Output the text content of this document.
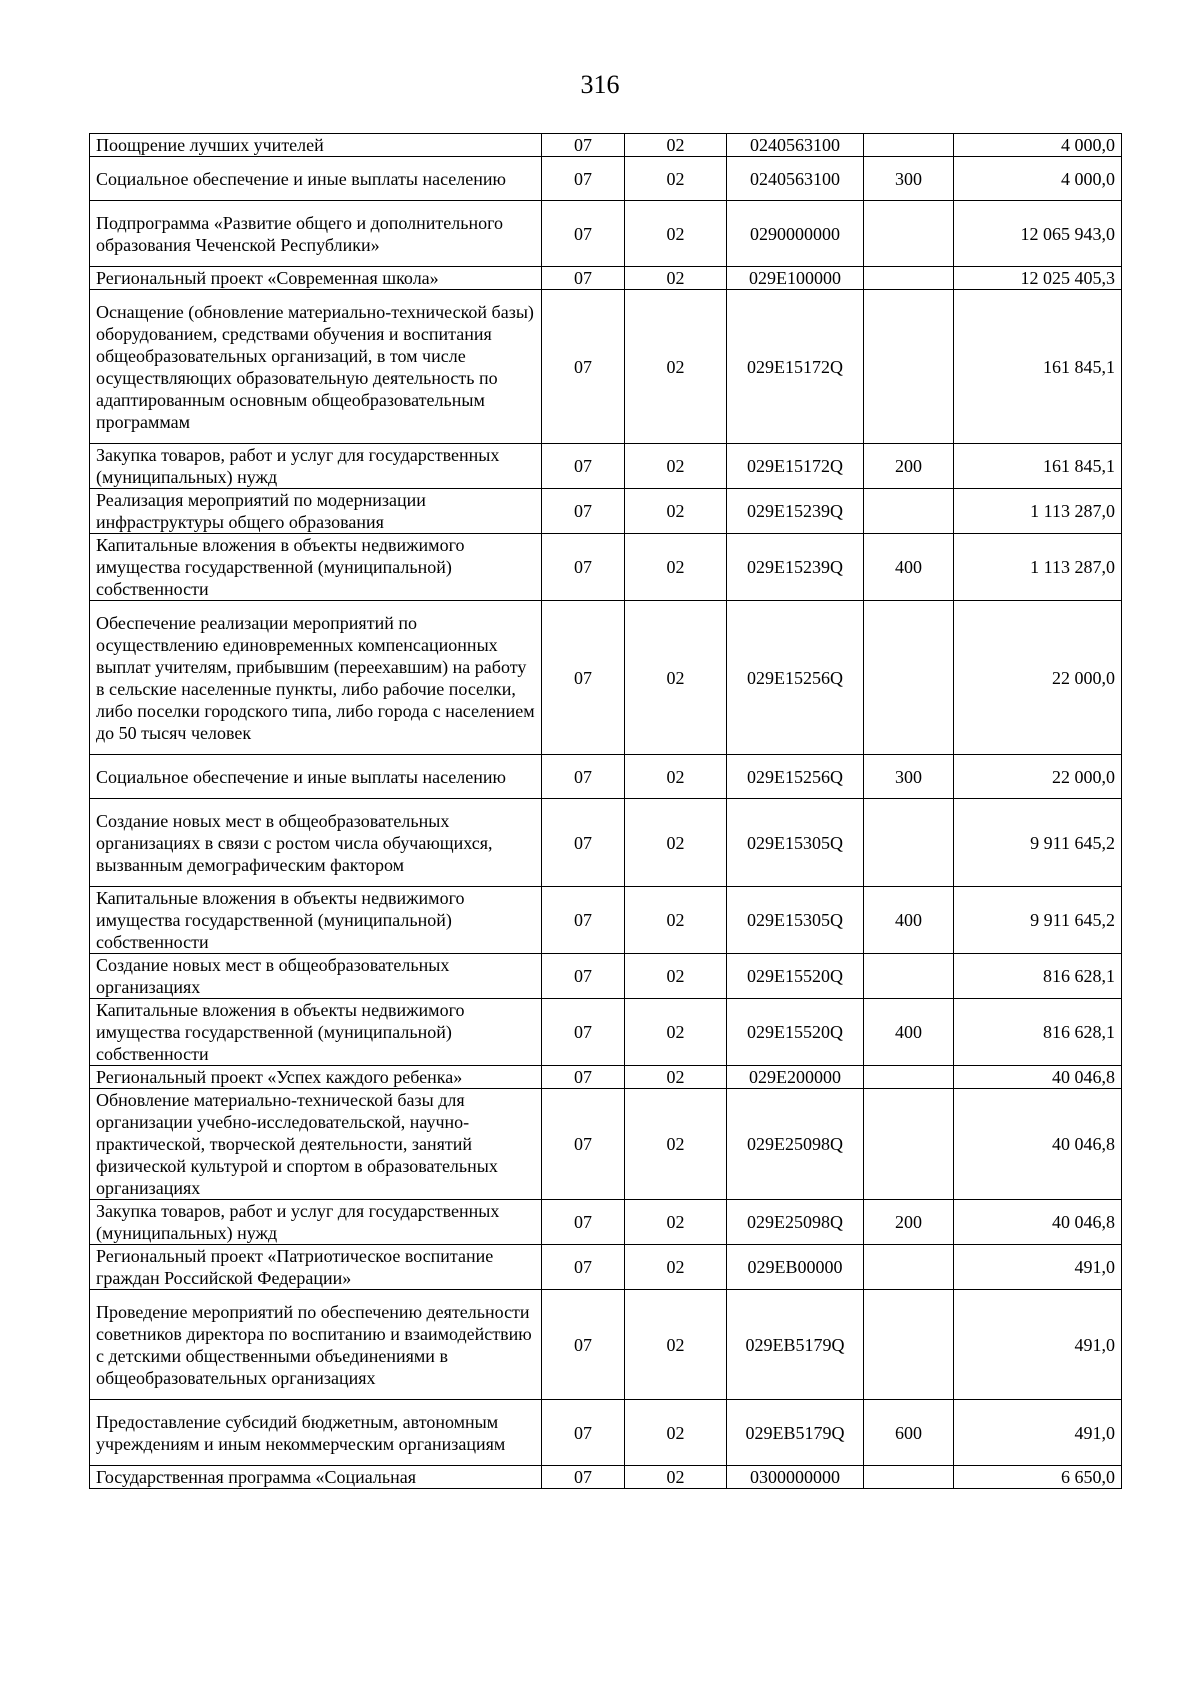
316
Поощрение лучших учителей	07	02	0240563100		4 000,0
Социальное обеспечение и иные выплаты населению	07	02	0240563100	300	4 000,0
Подпрограмма «Развитие общего и дополнительного образования Чеченской Республики»	07	02	0290000000		12 065 943,0
Региональный проект «Современная школа»	07	02	029E100000		12 025 405,3
Оснащение (обновление материально-технической базы) оборудованием, средствами обучения и воспитания общеобразовательных организаций, в том числе осуществляющих образовательную деятельность по адаптированным основным общеобразовательным программам	07	02	029E15172Q		161 845,1
Закупка товаров, работ и услуг для государственных (муниципальных) нужд	07	02	029E15172Q	200	161 845,1
Реализация мероприятий по модернизации инфраструктуры общего образования	07	02	029E15239Q		1 113 287,0
Капитальные вложения в объекты недвижимого имущества государственной (муниципальной) собственности	07	02	029E15239Q	400	1 113 287,0
Обеспечение реализации мероприятий по осуществлению единовременных компенсационных выплат учителям, прибывшим (переехавшим) на работу в сельские населенные пункты, либо рабочие поселки, либо поселки городского типа, либо города с населением до 50 тысяч человек	07	02	029E15256Q		22 000,0
Социальное обеспечение и иные выплаты населению	07	02	029E15256Q	300	22 000,0
Создание новых мест в общеобразовательных организациях в связи с ростом числа обучающихся, вызванным демографическим фактором	07	02	029E15305Q		9 911 645,2
Капитальные вложения в объекты недвижимого имущества государственной (муниципальной) собственности	07	02	029E15305Q	400	9 911 645,2
Создание новых мест в общеобразовательных организациях	07	02	029E15520Q		816 628,1
Капитальные вложения в объекты недвижимого имущества государственной (муниципальной) собственности	07	02	029E15520Q	400	816 628,1
Региональный проект «Успех каждого ребенка»	07	02	029E200000		40 046,8
Обновление материально-технической базы для организации учебно-исследовательской, научно-практической, творческой деятельности, занятий физической культурой и спортом в образовательных организациях	07	02	029E25098Q		40 046,8
Закупка товаров, работ и услуг для государственных (муниципальных) нужд	07	02	029E25098Q	200	40 046,8
Региональный проект «Патриотическое воспитание граждан Российской Федерации»	07	02	029EB00000		491,0
Проведение мероприятий по обеспечению деятельности советников директора по воспитанию и взаимодействию с детскими общественными объединениями в общеобразовательных организациях	07	02	029EB5179Q		491,0
Предоставление субсидий бюджетным, автономным учреждениям и иным некоммерческим организациям	07	02	029EB5179Q	600	491,0
Государственная программа «Социальная	07	02	0300000000		6 650,0
